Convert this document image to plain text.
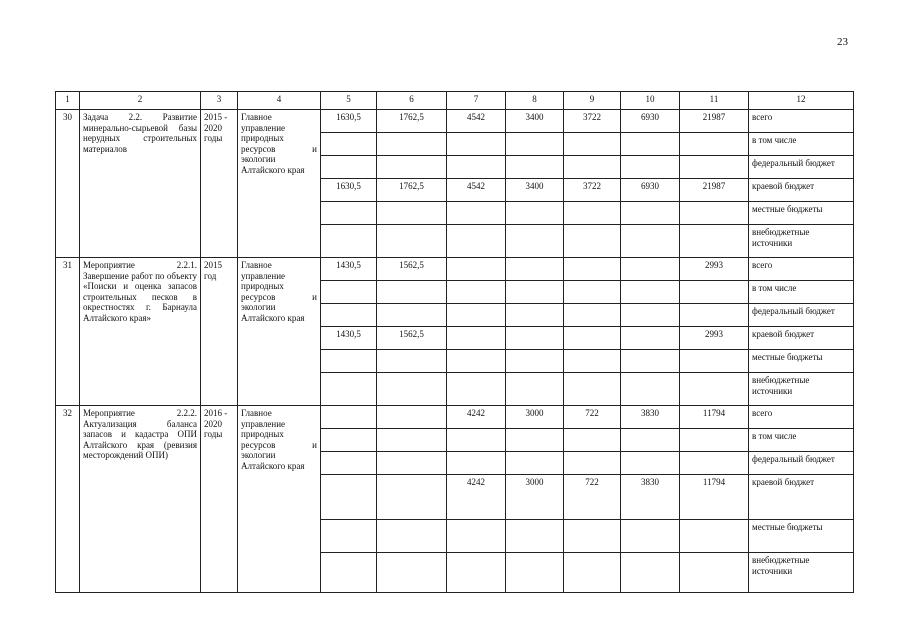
23
1	2	3	4	5	6	7	8	9	10	11	12
30	Задача 2.2. Развитие минерально-сырьевой базы нерудных строительных материалов	2015 - 2020 годы	Главное управление природных ресурсов и экологии Алтайского края	1630,5	1762,5	4542	3400	3722	6930	21987	всего
											в том числе
											федеральный бюджет
				1630,5	1762,5	4542	3400	3722	6930	21987	краевой бюджет
											местные бюджеты
											внебюджетные источники
31	Мероприятие 2.2.1. Завершение работ по объекту «Поиски и оценка запасов строительных песков в окрестностях г. Барнаула Алтайского края»	2015 год	Главное управление природных ресурсов и экологии Алтайского края	1430,5	1562,5					2993	всего
											в том числе
											федеральный бюджет
				1430,5	1562,5					2993	краевой бюджет
											местные бюджеты
											внебюджетные источники
32	Мероприятие 2.2.2. Актуализация баланса запасов и кадастра ОПИ Алтайского края (ревизия месторождений ОПИ)	2016 - 2020 годы	Главное управление природных ресурсов и экологии Алтайского края			4242	3000	722	3830	11794	всего
											в том числе
											федеральный бюджет
						4242	3000	722	3830	11794	краевой бюджет
											местные бюджеты
											внебюджетные источники
